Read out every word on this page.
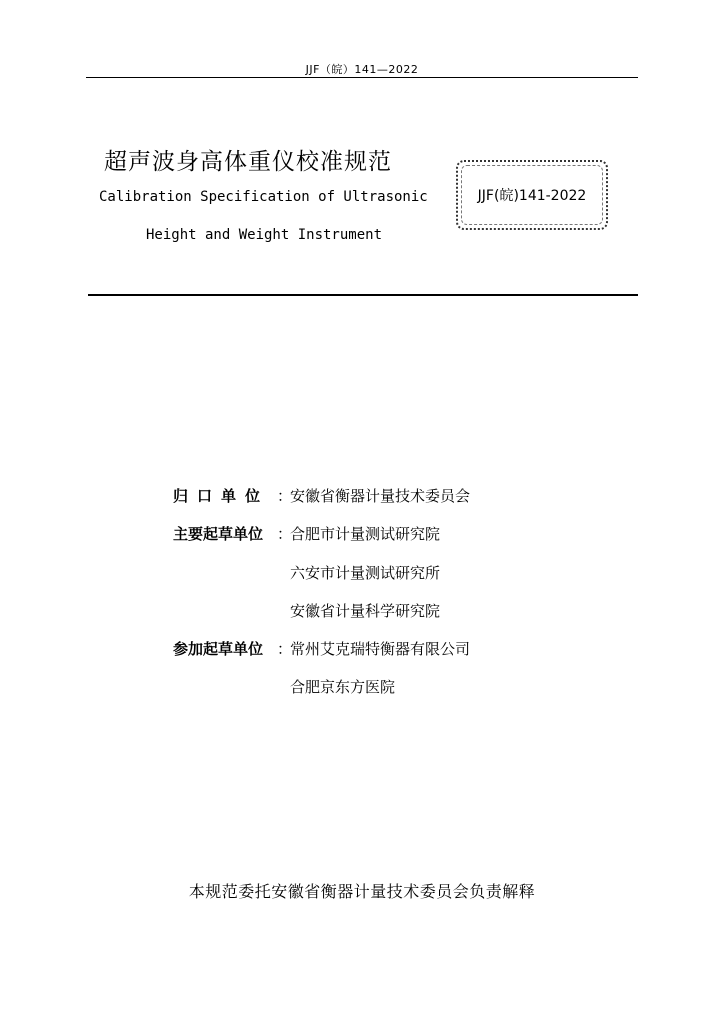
JJF（皖）141—2022
超声波身高体重仪校准规范
Calibration Specification of Ultrasonic
Height and Weight Instrument
JJF(皖)141-2022
归口单位 ：
安徽省衡器计量技术委员会
主要起草单位 ：
合肥市计量测试研究院
六安市计量测试研究所
安徽省计量科学研究院
参加起草单位 ：
常州艾克瑞特衡器有限公司
合肥京东方医院
本规范委托安徽省衡器计量技术委员会负责解释
